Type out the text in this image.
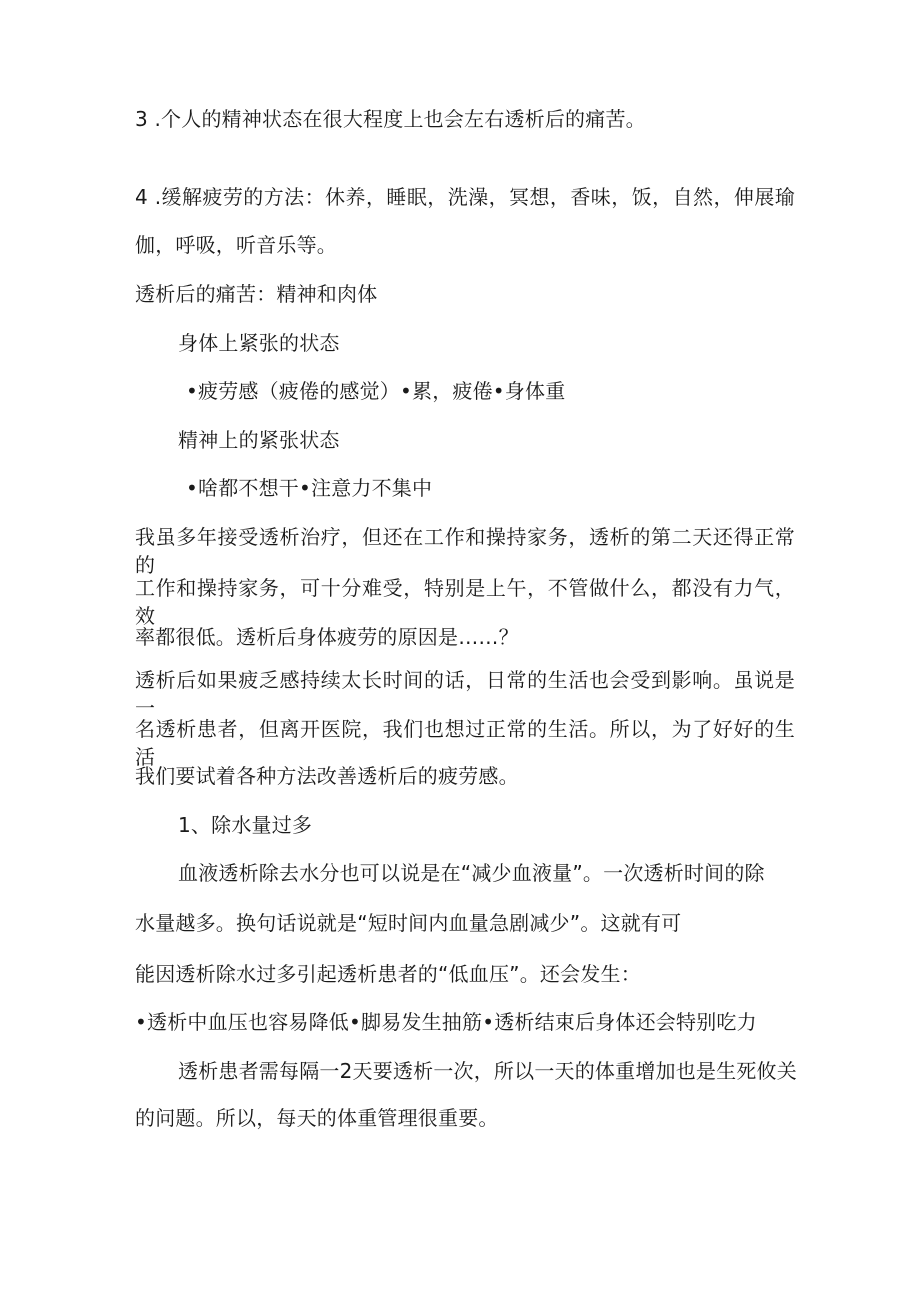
3 .个人的精神状态在很大程度上也会左右透析后的痛苦。
4 .缓解疲劳的方法：休养，睡眠，洗澡，冥想，香味，饭，自然，伸展瑜
伽，呼吸，听音乐等。
透析后的痛苦：精神和肉体
身体上紧张的状态
•疲劳感（疲倦的感觉）•累，疲倦•身体重
精神上的紧张状态
•啥都不想干•注意力不集中
我虽多年接受透析治疗，但还在工作和操持家务，透析的第二天还得正常的
工作和操持家务，可十分难受，特别是上午，不管做什么，都没有力气，效
率都很低。透析后身体疲劳的原因是……？
透析后如果疲乏感持续太长时间的话，日常的生活也会受到影响。虽说是一
名透析患者，但离开医院，我们也想过正常的生活。所以，为了好好的生活
我们要试着各种方法改善透析后的疲劳感。
1、除水量过多
血液透析除去水分也可以说是在“减少血液量”。一次透析时间的除
水量越多。换句话说就是“短时间内血量急剧减少”。这就有可
能因透析除水过多引起透析患者的“低血压”。还会发生：
•透析中血压也容易降低•脚易发生抽筋•透析结束后身体还会特别吃力
透析患者需每隔一2天要透析一次，所以一天的体重增加也是生死攸关
的问题。所以，每天的体重管理很重要。
